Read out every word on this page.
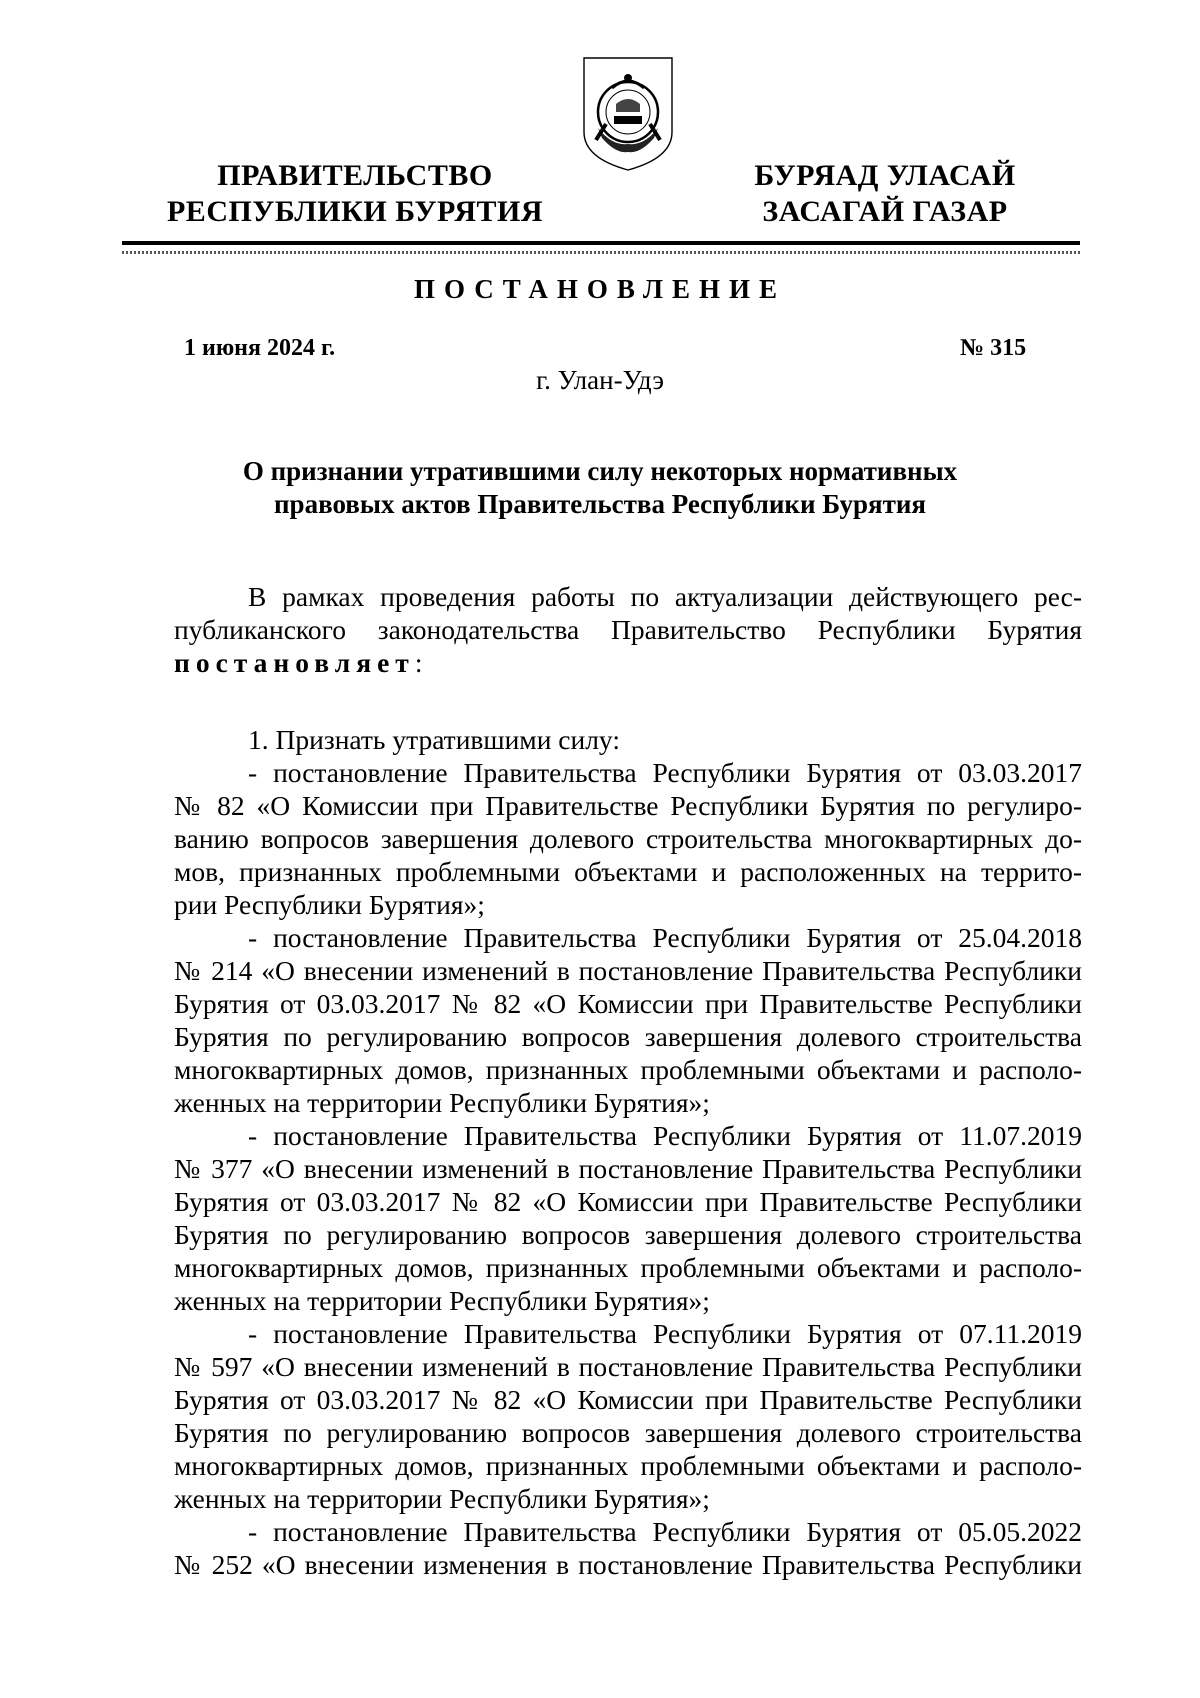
ПРАВИТЕЛЬСТВО
РЕСПУБЛИКИ БУРЯТИЯ
БУРЯАД УЛАСАЙ
ЗАСАГАЙ ГАЗАР
ПОСТАНОВЛЕНИЕ
1 июня 2024 г.	№ 315
г. Улан-Удэ
О признании утратившими силу некоторых нормативных
правовых актов Правительства Республики Бурятия
В рамках проведения работы по актуализации действующего рес-
публиканского законодательства Правительство Республики Бурятия
постановляет:
1. Признать утратившими силу:
- постановление Правительства Республики Бурятия от 03.03.2017
№ 82 «О Комиссии при Правительстве Республики Бурятия по регулиро-
ванию вопросов завершения долевого строительства многоквартирных до-
мов, признанных проблемными объектами и расположенных на террито-
рии Республики Бурятия»;
- постановление Правительства Республики Бурятия от 25.04.2018
№ 214 «О внесении изменений в постановление Правительства Республики
Бурятия от 03.03.2017 № 82 «О Комиссии при Правительстве Республики
Бурятия по регулированию вопросов завершения долевого строительства
многоквартирных домов, признанных проблемными объектами и располо-
женных на территории Республики Бурятия»;
- постановление Правительства Республики Бурятия от 11.07.2019
№ 377 «О внесении изменений в постановление Правительства Республики
Бурятия от 03.03.2017 № 82 «О Комиссии при Правительстве Республики
Бурятия по регулированию вопросов завершения долевого строительства
многоквартирных домов, признанных проблемными объектами и располо-
женных на территории Республики Бурятия»;
- постановление Правительства Республики Бурятия от 07.11.2019
№ 597 «О внесении изменений в постановление Правительства Республики
Бурятия от 03.03.2017 № 82 «О Комиссии при Правительстве Республики
Бурятия по регулированию вопросов завершения долевого строительства
многоквартирных домов, признанных проблемными объектами и располо-
женных на территории Республики Бурятия»;
- постановление Правительства Республики Бурятия от 05.05.2022
№ 252 «О внесении изменения в постановление Правительства Республики
